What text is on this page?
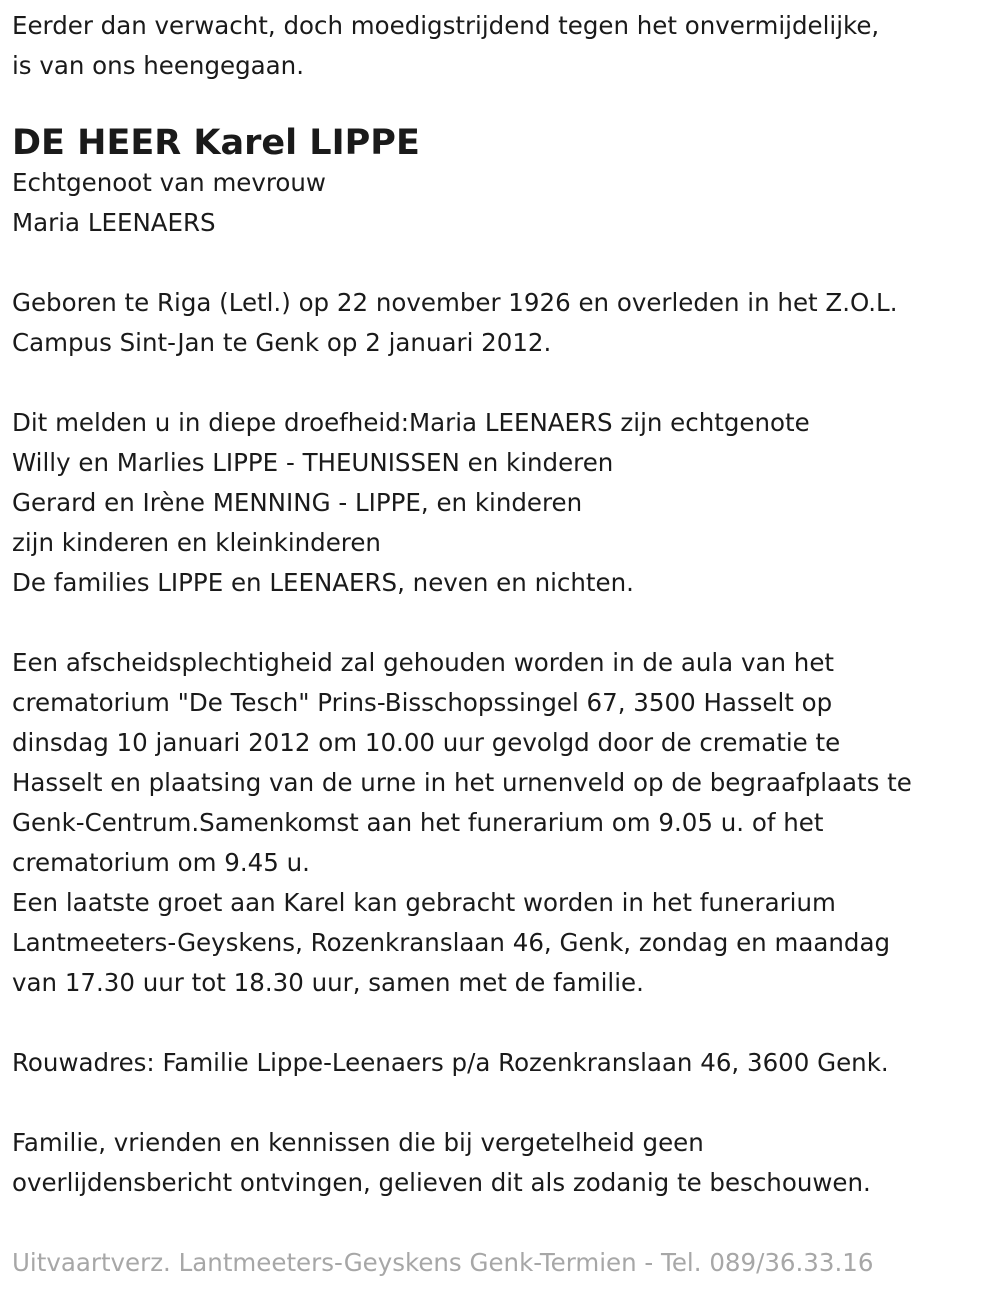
Eerder dan verwacht, doch moedigstrijdend tegen het onvermijdelijke,

is van ons heengegaan.

DE HEER Karel LIPPE

Echtgenoot van mevrouw

Maria LEENAERS

Geboren te Riga (Letl.) op 22 november 1926 en overleden in het Z.O.L.

Campus Sint-Jan te Genk op 2 januari 2012.

Dit melden u in diepe droefheid:Maria LEENAERS zijn echtgenote

Willy en Marlies LIPPE - THEUNISSEN en kinderen

Gerard en Irène MENNING - LIPPE, en kinderen

zijn kinderen en kleinkinderen

De families LIPPE en LEENAERS, neven en nichten.

Een afscheidsplechtigheid zal gehouden worden in de aula van het

crematorium "De Tesch" Prins-Bisschopssingel 67, 3500 Hasselt op

dinsdag 10 januari 2012 om 10.00 uur gevolgd door de crematie te

Hasselt en plaatsing van de urne in het urnenveld op de begraafplaats te

Genk-Centrum.Samenkomst aan het funerarium om 9.05 u. of het

crematorium om 9.45 u.

Een laatste groet aan Karel kan gebracht worden in het funerarium

Lantmeeters-Geyskens, Rozenkranslaan 46, Genk, zondag en maandag

van 17.30 uur tot 18.30 uur, samen met de familie.

Rouwadres: Familie Lippe-Leenaers p/a Rozenkranslaan 46, 3600 Genk.

Familie, vrienden en kennissen die bij vergetelheid geen

overlijdensbericht ontvingen, gelieven dit als zodanig te beschouwen.

Uitvaartverz. Lantmeeters-Geyskens Genk-Termien - Tel. 089/36.33.16
